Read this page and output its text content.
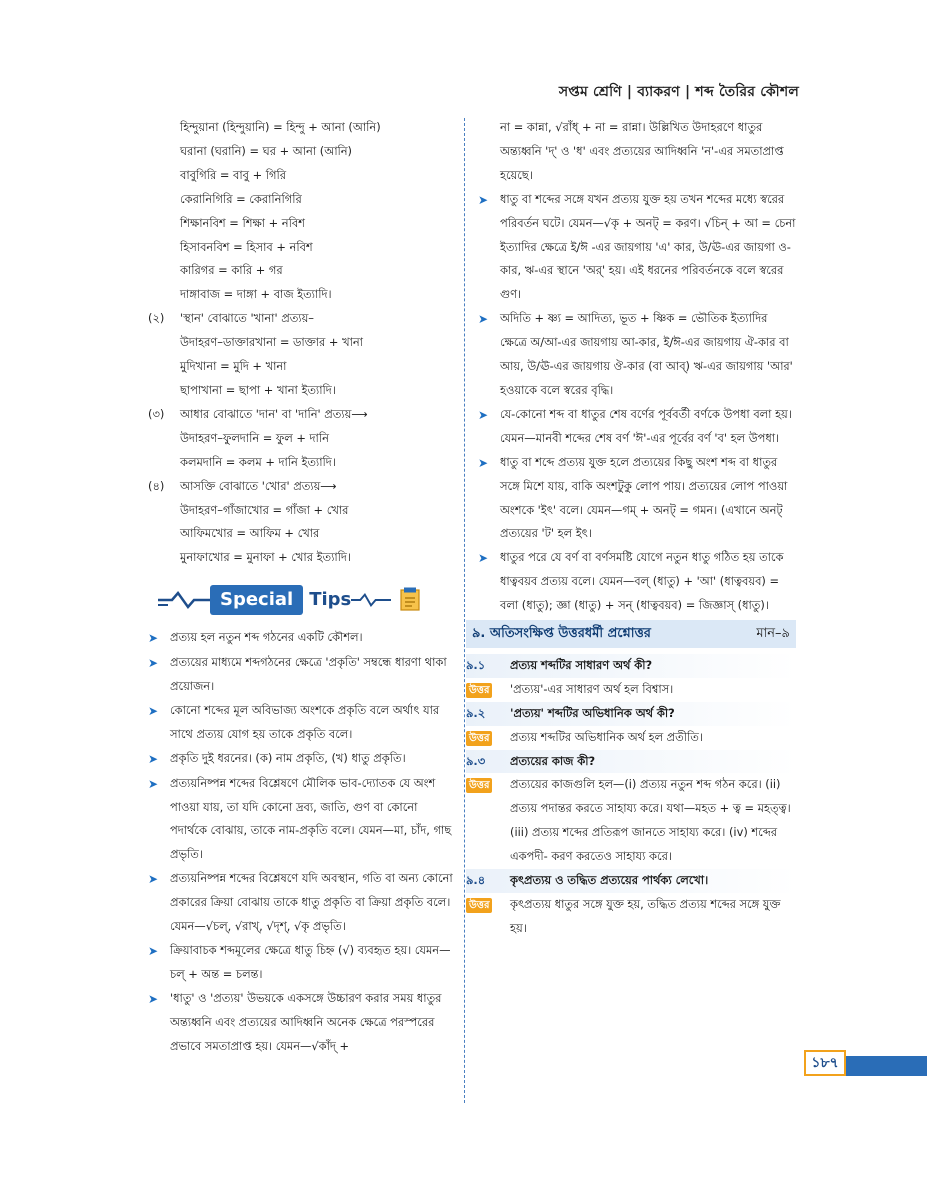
সপ্তম শ্রেণি | ব্যাকরণ | শব্দ তৈরির কৌশল
হিন্দুয়ানা (হিন্দুয়ানি) = হিন্দু + আনা (আনি)
ঘরানা (ঘরানি) = ঘর + আনা (আনি)
বাবুগিরি = বাবু + গিরি
কেরানিগিরি = কেরানিগিরি
শিক্ষানবিশ = শিক্ষা + নবিশ
হিসাবনবিশ = হিসাব + নবিশ
কারিগর = কারি + গর
দাঙ্গাবাজ = দাঙ্গা + বাজ ইত্যাদি।
(২)	'স্থান' বোঝাতে 'খানা' প্রত্যয়–
উদাহরণ–ডাক্তারখানা = ডাক্তার + খানা
মুদিখানা = মুদি + খানা
ছাপাখানা = ছাপা + খানা ইত্যাদি।
(৩)	আধার বোঝাতে 'দান' বা 'দানি' প্রত্যয়⟶
উদাহরণ–ফুলদানি = ফুল + দানি
কলমদানি = কলম + দানি ইত্যাদি।
(৪)	আসক্তি বোঝাতে 'খোর' প্রত্যয়⟶
উদাহরণ–গাঁজাখোর = গাঁজা + খোর
আফিমখোর = আফিম + খোর
মুনাফাখোর = মুনাফা + খোর ইত্যাদি।
Special Tips
➤	প্রত্যয় হল নতুন শব্দ গঠনের একটি কৌশল।
➤	প্রত্যয়ের মাধ্যমে শব্দগঠনের ক্ষেত্রে 'প্রকৃতি' সম্বন্ধে ধারণা থাকা প্রয়োজন।
➤	কোনো শব্দের মূল অবিভাজ্য অংশকে প্রকৃতি বলে অর্থাৎ যার সাথে প্রত্যয় যোগ হয় তাকে প্রকৃতি বলে।
➤	প্রকৃতি দুই ধরনের। (ক) নাম প্রকৃতি, (খ) ধাতু প্রকৃতি।
➤	প্রত্যয়নিষ্পন্ন শব্দের বিশ্লেষণে মৌলিক ভাব-দ্যোতক যে অংশ পাওয়া যায়, তা যদি কোনো দ্রব্য, জাতি, গুণ বা কোনো পদার্থকে বোঝায়, তাকে নাম-প্রকৃতি বলে। যেমন—মা, চাঁদ, গাছ প্রভৃতি।
➤	প্রত্যয়নিষ্পন্ন শব্দের বিশ্লেষণে যদি অবস্থান, গতি বা অন্য কোনো প্রকারের ক্রিয়া বোঝায় তাকে ধাতু প্রকৃতি বা ক্রিয়া প্রকৃতি বলে। যেমন—√চল্‌, √রাখ্‌, √দৃশ্‌, √কৃ প্রভৃতি।
➤	ক্রিয়াবাচক শব্দমূলের ক্ষেত্রে ধাতু চিহ্ন (√) ব্যবহৃত হয়। যেমন—চল্‌ + অন্ত = চলন্ত।
➤	'ধাতু' ও 'প্রত্যয়' উভয়কে একসঙ্গে উচ্চারণ করার সময় ধাতুর অন্ত্যধ্বনি এবং প্রত্যয়ের আদিধ্বনি অনেক ক্ষেত্রে পরস্পরের প্রভাবে সমতাপ্রাপ্ত হয়। যেমন—√কাঁদ্‌ +
না = কান্না, √রাঁধ্‌ + না = রান্না। উল্লিখিত উদাহরণে ধাতুর অন্ত্যধ্বনি 'দ্‌' ও 'ধ' এবং প্রত্যয়ের আদিধ্বনি 'ন'-এর সমতাপ্রাপ্ত হয়েছে।
➤	ধাতু বা শব্দের সঙ্গে যখন প্রত্যয় যুক্ত হয় তখন শব্দের মধ্যে স্বরের পরিবর্তন ঘটে। যেমন—√কৃ + অনট্‌ = করণ। √চিন্‌ + আ = চেনা ইত্যাদির ক্ষেত্রে ই/ঈ -এর জায়গায় 'এ' কার, উ/ঊ-এর জায়গা ও-কার, ঋ-এর স্থানে 'অর্‌' হয়। এই ধরনের পরিবর্তনকে বলে স্বরের গুণ।
➤	অদিতি + ষ্ণ্য = আদিত্য, ভূত + ষ্ণিক = ভৌতিক ইত্যাদির ক্ষেত্রে অ/আ-এর জায়গায় আ-কার, ই/ঈ-এর জায়গায় ঐ-কার বা আয়, উ/ঊ-এর জায়গায় ঔ-কার (বা আব্‌) ঋ-এর জায়গায় 'আর' হওয়াকে বলে স্বরের বৃদ্ধি।
➤	যে-কোনো শব্দ বা ধাতুর শেষ বর্ণের পূর্ববর্তী বর্ণকে উপধা বলা হয়। যেমন—মানবী শব্দের শেষ বর্ণ 'ঈ'-এর পূর্বের বর্ণ 'ব' হল উপধা।
➤	ধাতু বা শব্দে প্রত্যয় যুক্ত হলে প্রত্যয়ের কিছু অংশ শব্দ বা ধাতুর সঙ্গে মিশে যায়, বাকি অংশটুকু লোপ পায়। প্রত্যয়ের লোপ পাওয়া অংশকে 'ইৎ' বলে। যেমন—গম্‌ + অনট্‌ = গমন। (এখানে অনট্‌ প্রত্যয়ের 'ট' হল ইৎ।
➤	ধাতুর পরে যে বর্ণ বা বর্ণসমষ্টি যোগে নতুন ধাতু গঠিত হয় তাকে ধাত্ববয়ব প্রত্যয় বলে। যেমন—বল্‌ (ধাতু) + 'আ' (ধাত্ববয়ব) = বলা (ধাতু); জ্ঞা (ধাতু) + সন্‌ (ধাত্ববয়ব) = জিজ্ঞাস্‌ (ধাতু)।
৯. অতিসংক্ষিপ্ত উত্তরধর্মী প্রশ্নোত্তর	মান–৯
৯.১	প্রত্যয় শব্দটির সাধারণ অর্থ কী?
উত্তর	'প্রত্যয়'-এর সাধারণ অর্থ হল বিশ্বাস।
৯.২	'প্রত্যয়' শব্দটির অভিধানিক অর্থ কী?
উত্তর	প্রত্যয় শব্দটির অভিধানিক অর্থ হল প্রতীতি।
৯.৩	প্রত্যয়ের কাজ কী?
উত্তর	প্রত্যয়ের কাজগুলি হল—(i) প্রত্যয় নতুন শব্দ গঠন করে। (ii) প্রত্যয় পদান্তর করতে সাহায্য করে। যথা—মহত + ত্ব = মহত্ত্ব। (iii) প্রত্যয় শব্দের প্রতিরূপ জানতে সাহায্য করে। (iv) শব্দের একপদী- করণ করতেও সাহায্য করে।
৯.৪	কৃৎপ্রত্যয় ও তদ্ধিত প্রত্যয়ের পার্থক্য লেখো।
উত্তর	কৃৎপ্রত্যয় ধাতুর সঙ্গে যুক্ত হয়, তদ্ধিত প্রত্যয় শব্দের সঙ্গে যুক্ত হয়।
১৮৭
